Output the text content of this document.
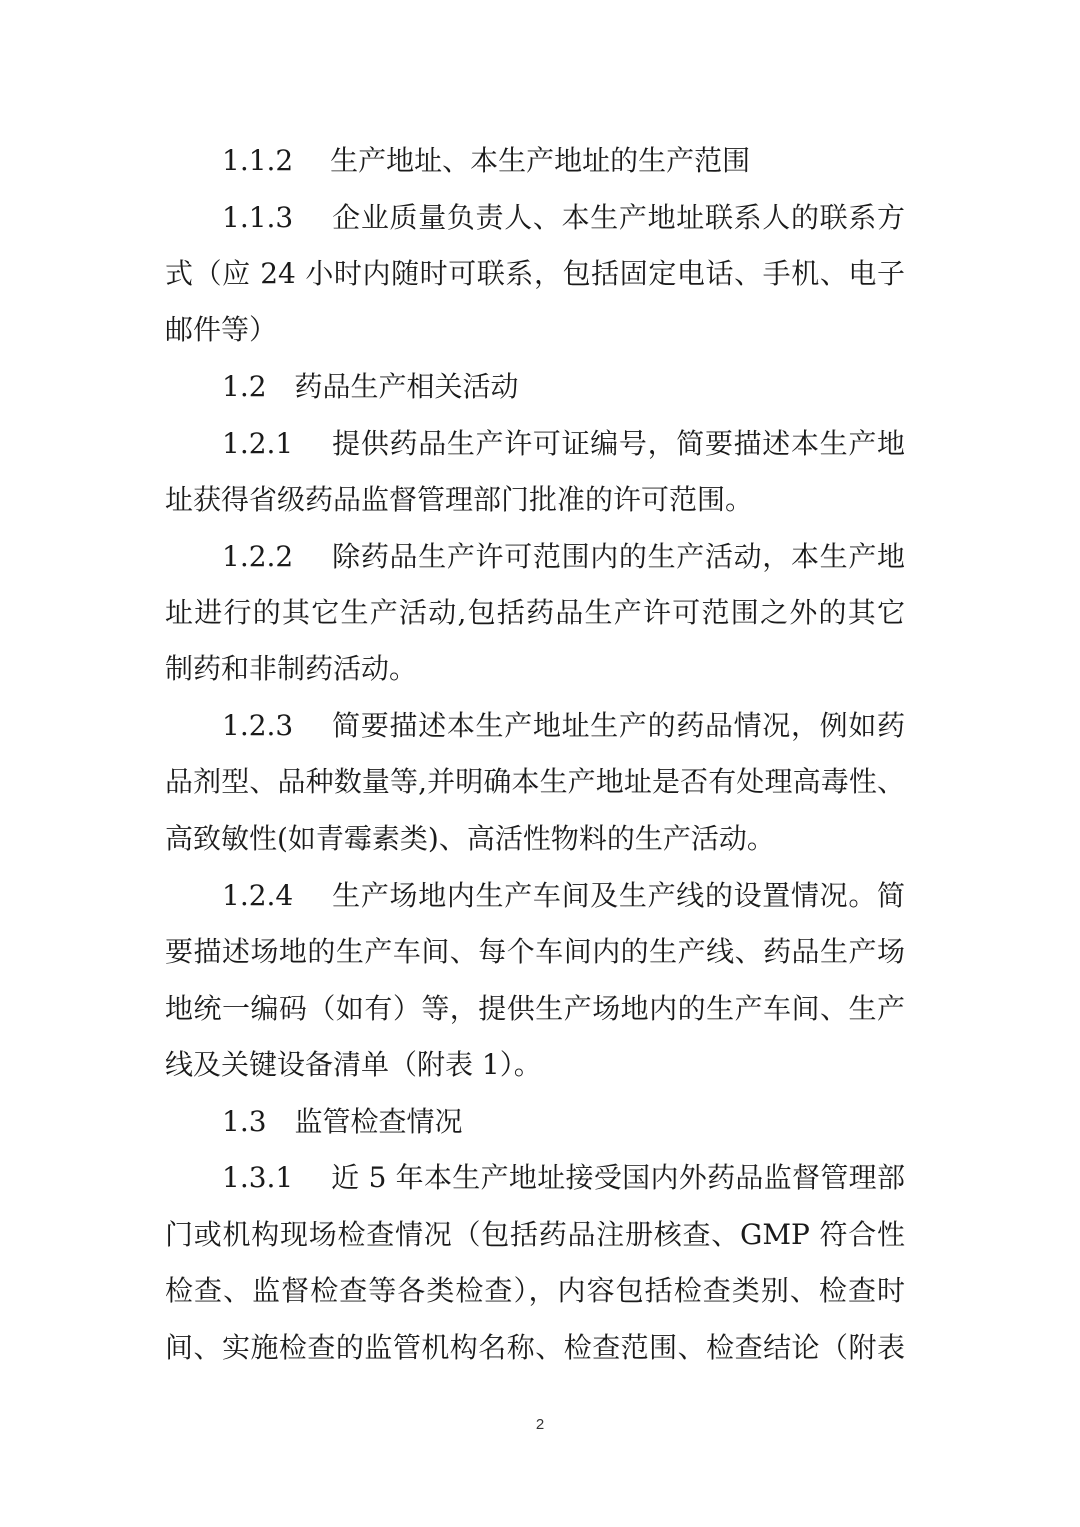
1.1.2　 生产地址、本生产地址的生产范围
1.1.3　 企业质量负责人、本生产地址联系人的联系方
式（应 24 小时内随时可联系，包括固定电话、手机、电子
邮件等）
1.2　药品生产相关活动
1.2.1　 提供药品生产许可证编号，简要描述本生产地
址获得省级药品监督管理部门批准的许可范围。
1.2.2　 除药品生产许可范围内的生产活动，本生产地
址进行的其它生产活动,包括药品生产许可范围之外的其它
制药和非制药活动。
1.2.3　 简要描述本生产地址生产的药品情况，例如药
品剂型、品种数量等,并明确本生产地址是否有处理高毒性、
高致敏性(如青霉素类)、高活性物料的生产活动。
1.2.4　 生产场地内生产车间及生产线的设置情况。简
要描述场地的生产车间、每个车间内的生产线、药品生产场
地统一编码（如有）等，提供生产场地内的生产车间、生产
线及关键设备清单（附表 1）。
1.3　监管检查情况
1.3.1　 近 5 年本生产地址接受国内外药品监督管理部
门或机构现场检查情况（包括药品注册核查、GMP 符合性
检查、监督检查等各类检查），内容包括检查类别、检查时
间、实施检查的监管机构名称、检查范围、检查结论（附表
2
